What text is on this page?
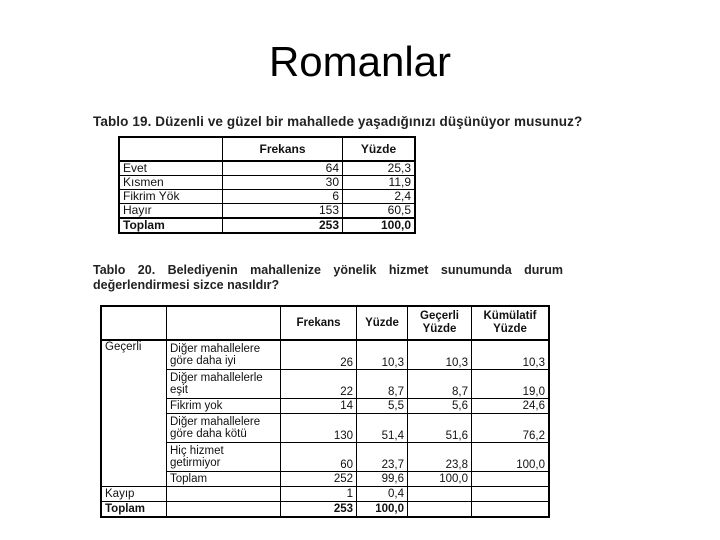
Romanlar
Tablo 19. Düzenli ve güzel bir mahallede yaşadığınızı düşünüyor musunuz?
	Frekans	Yüzde
Evet	64	25,3
Kısmen	30	11,9
Fikrim Yök	6	2,4
Hayır	153	60,5
Toplam	253	100,0
Tablo 20. Belediyenin mahallenize yönelik hizmet sunumunda durum değerlendirmesi sizce nasıldır?
		Frekans	Yüzde	Geçerli Yüzde	Kümülatif Yüzde
Geçerli	Diğer mahallelere göre daha iyi	26	10,3	10,3	10,3
	Diğer mahallelerle eşit	22	8,7	8,7	19,0
	Fikrim yok	14	5,5	5,6	24,6
	Diğer mahallelere göre daha kötü	130	51,4	51,6	76,2
	Hiç hizmet getirmiyor	60	23,7	23,8	100,0
	Toplam	252	99,6	100,0	
Kayıp		1	0,4		
Toplam		253	100,0		
